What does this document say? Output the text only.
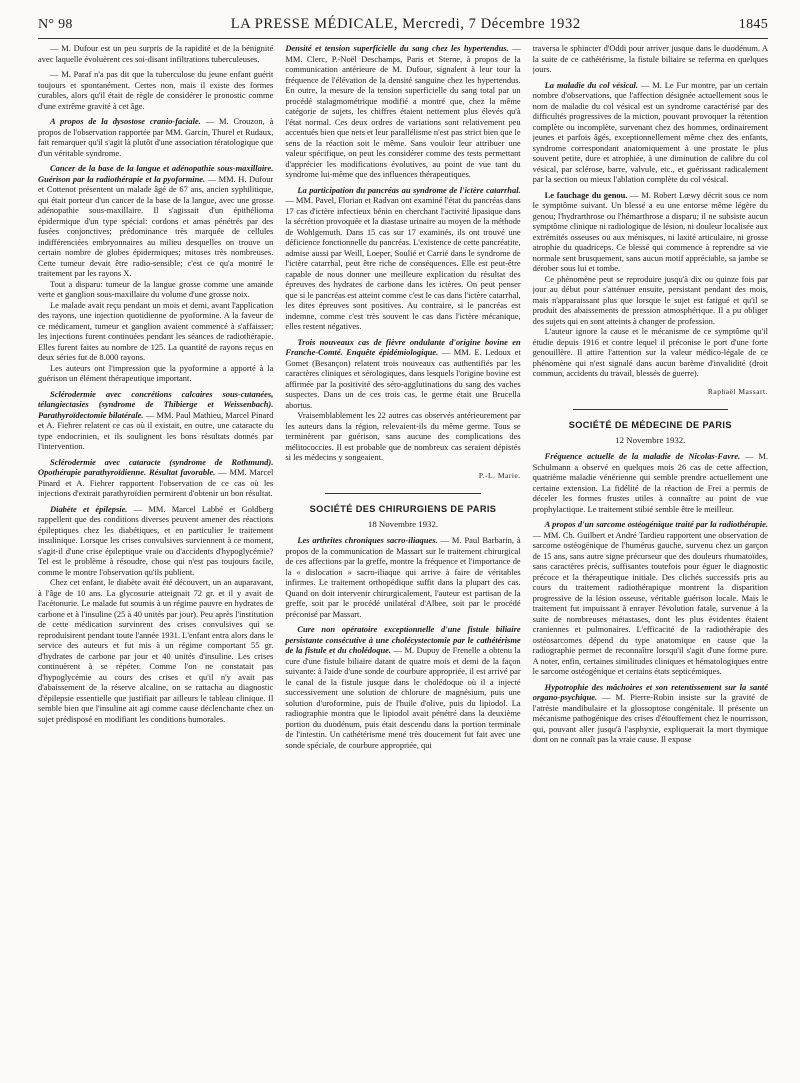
N° 98	LA PRESSE MÉDICALE, Mercredi, 7 Décembre 1932	1845

— M. Dufour est un peu surpris de la rapidité et de la bénignité avec laquelle évoluèrent ces soi-disant infiltrations tuberculeuses.

— M. Paraf n'a pas dit que la tuberculose du jeune enfant guérit toujours et spontanément. Certes non, mais il existe des formes curables, alors qu'il était de règle de considérer le pronostic comme d'une extrême gravité à cet âge.

A propos de la dysostose cranio-faciale. — M. Crouzon, à propos de l'observation rapportée par MM. Garcin, Thurel et Rudaux, fait remarquer qu'il s'agit là plutôt d'une association tératologique que d'un véritable syndrome.

Cancer de la base de la langue et adénopathie sous-maxillaire. Guérison par la radiothérapie et la pyoformine. — MM. H. Dufour et Cottenot présentent un malade âgé de 67 ans, ancien syphilitique, qui était porteur d'un cancer de la base de la langue, avec une grosse adénopathie sous-maxillaire. Il s'agissait d'un épithélioma épidermique d'un type spécial: cordons et amas pénétrés par des fusées conjonctives; prédominance très marquée de cellules indifférenciées embryonnaires au milieu desquelles on trouve un certain nombre de globes épidermiques; mitoses très nombreuses. Cette tumeur devait être radio-sensible; c'est ce qu'a montré le traitement par les rayons X.

Tout a disparu: tumeur de la langue grosse comme une amande verte et ganglion sous-maxillaire du volume d'une grosse noix.

Le malade avait reçu pendant un mois et demi, avant l'application des rayons, une injection quotidienne de pyoformine. A la faveur de ce médicament, tumeur et ganglion avaient commencé à s'affaisser; les injections furent continuées pendant les séances de radiothérapie. Elles furent faites au nombre de 125. La quantité de rayons reçus en deux séries fut de 8.000 rayons.

Les auteurs ont l'impression que la pyoformine a apporté à la guérison un élément thérapeutique important.

Sclérodermie avec concrétions calcaires sous-cutanées, télangiectasies (syndrome de Thibierge et Weissenbach). Parathyroïdectomie bilatérale. — MM. Paul Mathieu, Marcel Pinard et A. Fiehrer relatent ce cas où il existait, en outre, une cataracte du type endocrinien, et ils soulignent les bons résultats donnés par l'intervention.

Sclérodermie avec cataracte (syndrome de Rothmund). Opothérapie parathyroïdienne. Résultat favorable. — MM. Marcel Pinard et A. Fiehrer rapportent l'observation de ce cas où les injections d'extrait parathyroïdien permirent d'obtenir un bon résultat.

Diabète et épilepsie. — MM. Marcel Labbé et Goldberg rappellent que des conditions diverses peuvent amener des réactions épileptiques chez les diabétiques, et en particulier le traitement insulinique. Lorsque les crises convulsives surviennent à ce moment, s'agit-il d'une crise épileptique vraie ou d'accidents d'hypoglycémie? Tel est le problème à résoudre, chose qui n'est pas toujours facile, comme le montre l'observation qu'ils publient.

Chez cet enfant, le diabète avait été découvert, un an auparavant, à l'âge de 10 ans. La glycosurie atteignait 72 gr. et il y avait de l'acétonurie. Le malade fut soumis à un régime pauvre en hydrates de carbone et à l'insuline (25 à 40 unités par jour). Peu après l'institution de cette médication survinrent des crises convulsives qui se reproduisirent pendant toute l'année 1931. L'enfant entra alors dans le service des auteurs et fut mis à un régime comportant 55 gr. d'hydrates de carbone par jour et 40 unités d'insuline. Les crises continuèrent à se répéter. Comme l'on ne constatait pas d'hypoglycémie au cours des crises et qu'il n'y avait pas d'abaissement de la réserve alcaline, on se rattacha au diagnostic d'épilepsie essentielle que justifiait par ailleurs le tableau clinique. Il semble bien que l'insuline ait agi comme cause déclenchante chez un sujet prédisposé en modifiant les conditions humorales.

Densité et tension superficielle du sang chez les hypertendus. — MM. Clerc, P.-Noël Deschamps, Paris et Sterne, à propos de la communication antérieure de M. Dufour, signalent à leur tour la fréquence de l'élévation de la densité sanguine chez les hypertendus. En outre, la mesure de la tension superficielle du sang total par un procédé stalagmométrique modifié a montré que, chez la même catégorie de sujets, les chiffres étaient nettement plus élevés qu'à l'état normal. Ces deux ordres de variations sont relativement peu accentués bien que nets et leur parallélisme n'est pas strict bien que le sens de la réaction soit le même. Sans vouloir leur attribuer une valeur spécifique, on peut les considérer comme des tests permettant d'apprécier les modifications évolutives, au point de vue tant du syndrome lui-même que des influences thérapeutiques.

La participation du pancréas au syndrome de l'ictère catarrhal. — MM. Pavel, Florian et Radvan ont examiné l'état du pancréas dans 17 cas d'ictère infectieux bénin en cherchant l'activité lipasique dans la sécrétion provoquée et la diastase urinaire au moyen de la méthode de Wohlgemuth. Dans 15 cas sur 17 examinés, ils ont trouvé une déficience fonctionnelle du pancréas. L'existence de cette pancréatite, admise aussi par Weill, Loeper, Soulié et Carrié dans le syndrome de l'ictère catarrhal, peut être riche de conséquences. Elle est peut-être capable de nous donner une meilleure explication du résultat des épreuves des hydrates de carbone dans les ictères. On peut penser que si le pancréas est atteint comme c'est le cas dans l'ictère catarrhal, les dites épreuves sont positives. Au contraire, si le pancréas est indemne, comme c'est très souvent le cas dans l'ictère mécanique, elles restent négatives.

Trois nouveaux cas de fièvre ondulante d'origine bovine en Franche-Comté. Enquête épidémiologique. — MM. E. Ledoux et Gomet (Besançon) relatent trois nouveaux cas authentifiés par les caractères cliniques et sérologiques, dans lesquels l'origine bovine est affirmée par la positivité des séro-agglutinations du sang des vaches suspectes. Dans un de ces trois cas, le germe était une Brucella abortus.

Vraisemblablement les 22 autres cas observés antérieurement par les auteurs dans la région, relevaient-ils du même germe. Tous se terminèrent par guérison, sans aucune des complications des mélitococcies. Il est probable que de nombreux cas seraient dépistés si les médecins y songeaient.

P.-L. Marie.
SOCIÉTÉ DES CHIRURGIENS DE PARIS
18 Novembre 1932.

Les arthrites chroniques sacro-iliaques. — M. Paul Barbarin, à propos de la communication de Massart sur le traitement chirurgical de ces affections par la greffe, montre la fréquence et l'importance de la « dislocation » sacro-iliaque qui arrive à faire de véritables infirmes. Le traitement orthopédique suffit dans la plupart des cas. Quand on doit intervenir chirurgicalement, l'auteur est partisan de la greffe, soit par le procédé unilatéral d'Albee, soit par le procédé préconisé par Massart.

Cure non opératoire exceptionnelle d'une fistule biliaire persistante consécutive à une cholécystectomie par le cathétérisme de la fistule et du cholédoque. — M. Dupuy de Frenelle a obtenu la cure d'une fistule biliaire datant de quatre mois et demi de la façon suivante: à l'aide d'une sonde de courbure appropriée, il est arrivé par le canal de la fistule jusque dans le cholédoque où il a injecté successivement une solution de chlorure de magnésium, puis une solution d'uroformine, puis de l'huile d'olive, puis du lipiodol. La radiographie montra que le lipiodol avait pénétré dans la deuxième portion du duodénum, puis était descendu dans la portion terminale de l'intestin. Un cathétérisme mené très doucement fut fait avec une sonde spéciale, de courbure appropriée, qui

traversa le sphincter d'Oddi pour arriver jusque dans le duodénum. A la suite de ce cathétérisme, la fistule biliaire se referma en quelques jours.

La maladie du col vésical. — M. Le Fur montre, par un certain nombre d'observations, que l'affection désignée actuellement sous le nom de maladie du col vésical est un syndrome caractérisé par des difficultés progressives de la miction, pouvant provoquer la rétention complète ou incomplète, survenant chez des hommes, ordinairement jeunes et parfois âgés, exceptionnellement même chez des enfants, syndrome correspondant anatomiquement à une prostate le plus souvent petite, dure et atrophiée, à une diminution de calibre du col vésical, par sclérose, barre, valvule, etc., et guérissant radicalement par la section ou mieux l'ablation complète du col vésical.

Le fauchage du genou. — M. Robert Lœwy décrit sous ce nom le symptôme suivant. Un blessé a eu une entorse même légère du genou; l'hydrarthrose ou l'hémarthrose a disparu; il ne subsiste aucun symptôme clinique ni radiologique de lésion, ni douleur localisée aux extrémités osseuses ou aux ménisques, ni laxité articulaire, ni grosse atrophie du quadriceps. Ce blessé qui commence à reprendre sa vie normale sent brusquement, sans aucun motif appréciable, sa jambe se dérober sous lui et tombe.

Ce phénomène peut se reproduire jusqu'à dix ou quinze fois par jour au début pour s'atténuer ensuite, persistant pendant des mois, mais n'apparaissant plus que lorsque le sujet est fatigué et qu'il se produit des abaissements de pression atmosphérique. Il a pu obliger des sujets qui en sont atteints à changer de profession.

L'auteur ignore la cause et le mécanisme de ce symptôme qu'il étudie depuis 1916 et contre lequel il préconise le port d'une forte genouillère. Il attire l'attention sur la valeur médico-légale de ce phénomène qui n'est signalé dans aucun barème d'invalidité (droit commun, accidents du travail, blessés de guerre).

Raphaël Massart.
SOCIÉTÉ DE MÉDECINE DE PARIS
12 Novembre 1932.

Fréquence actuelle de la maladie de Nicolas-Favre. — M. Schulmann a observé en quelques mois 26 cas de cette affection, quatrième maladie vénérienne qui semble prendre actuellement une certaine extension. La fidélité de la réaction de Frei a permis de déceler les formes frustes utiles à connaître au point de vue prophylactique. Le traitement stibié semble être le meilleur.

A propos d'un sarcome ostéogénique traité par la radiothérapie. — MM. Ch. Guilbert et André Tardieu rapportent une observation de sarcome ostéogénique de l'humérus gauche, survenu chez un garçon de 15 ans, sans autre signe précurseur que des douleurs rhumatoïdes, sans caractères précis, suffisantes toutefois pour éguer le diagnostic précoce et la thérapeutique initiale. Des clichés successifs pris au cours du traitement radiothérapique montrent la disparition progressive de la lésion osseuse, véritable guérison locale. Mais le traitement fut impuissant à enrayer l'évolution fatale, survenue à la suite de nombreuses métastases, dont les plus évidentes étaient craniennes et pulmonaires. L'efficacité de la radiothérapie des ostéosarcomes dépend du type anatomique en cause que la radiographie permet de reconnaître lorsqu'il s'agit d'une forme pure. A noter, enfin, certaines similitudes cliniques et hématologiques entre le sarcome ostéogénique et certains états septicémiques.

Hypotrophie des mâchoires et son retentissement sur la santé organo-psychique. — M. Pierre-Robin insiste sur la gravité de l'atrésie mandibulaire et la glossoptose congénitale. Il présente un mécanisme pathogénique des crises d'étouffement chez le nourrisson, qui, pouvant aller jusqu'à l'asphyxie, expliquerait la mort thymique dont on ne connaît pas la vraie cause. Il expose
